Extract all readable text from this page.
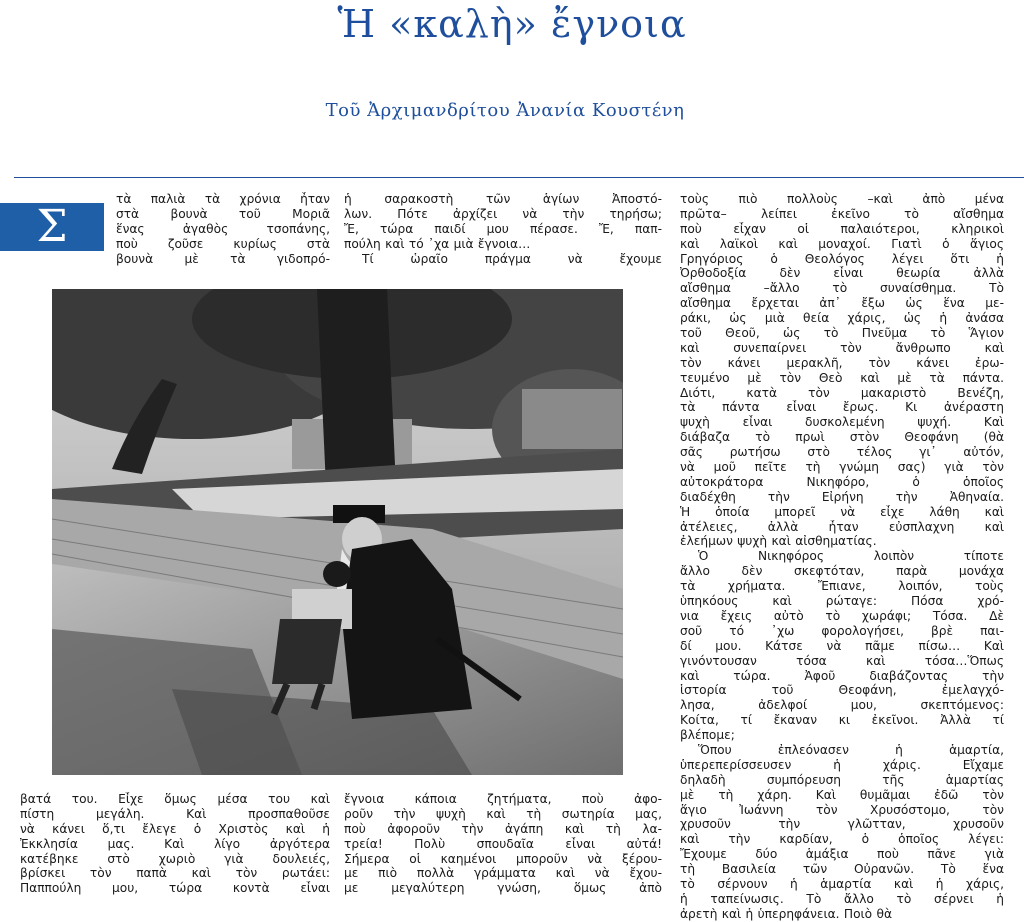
Ἡ «καλὴ» ἔγνοια
Τοῦ Ἀρχιμανδρίτου Ἀνανία Κουστένη
Σ
τὰ παλιὰ τὰ χρόνια ἦταν
στὰ βουνὰ τοῦ Μοριᾶ
ἕνας ἀγαθὸς τσοπάνης,
ποὺ ζοῦσε κυρίως στὰ
βουνὰ μὲ τὰ γιδοπρό-
ἡ σαρακοστὴ τῶν ἁγίων Ἀποστό-
λων. Πότε ἀρχίζει νὰ τὴν τηρήσω;
Ἔ, τώρα παιδί μου πέρασε. Ἔ, παπ-
πούλη καὶ τό ᾽χα μιὰ ἔγνοια…
Τί ὡραῖο πράγμα νὰ ἔχουμε
τοὺς πιὸ πολλοὺς –καὶ ἀπὸ μένα
πρῶτα– λείπει ἐκεῖνο τὸ αἴσθημα
ποὺ εἶχαν οἱ παλαιότεροι, κληρικοὶ
καὶ λαϊκοὶ καὶ μοναχοί. Γιατὶ ὁ ἅγιος
Γρηγόριος ὁ Θεολόγος λέγει ὅτι ἡ
Ὀρθοδοξία δὲν εἶναι θεωρία ἀλλὰ
αἴσθημα –ἄλλο τὸ συναίσθημα. Τὸ
αἴσθημα ἔρχεται ἀπ᾽ ἔξω ὡς ἕνα με-
ράκι, ὡς μιὰ θεία χάρις, ὡς ἡ ἀνάσα
τοῦ Θεοῦ, ὡς τὸ Πνεῦμα τὸ Ἅγιον
καὶ συνεπαίρνει τὸν ἄνθρωπο καὶ
τὸν κάνει μερακλῆ, τὸν κάνει ἐρω-
τευμένο μὲ τὸν Θεὸ καὶ μὲ τὰ πάντα.
Διότι, κατὰ τὸν μακαριστὸ Βενέζη,
τὰ πάντα εἶναι ἔρως. Κι ἀνέραστη
ψυχὴ εἶναι δυσκολεμένη ψυχή. Καὶ
διάβαζα τὸ πρωὶ στὸν Θεοφάνη (θὰ
σᾶς ρωτήσω στὸ τέλος γι᾽ αὐτόν,
νὰ μοῦ πεῖτε τὴ γνώμη σας) γιὰ τὸν
αὐτοκράτορα Νικηφόρο, ὁ ὁποῖος
διαδέχθη τὴν Εἰρήνη τὴν Ἀθηναία.
Ἡ ὁποία μπορεῖ νὰ εἶχε λάθη καὶ
ἀτέλειες, ἀλλὰ ἦταν εὐσπλαχνη καὶ
ἐλεήμων ψυχὴ καὶ αἰσθηματίας.
Ὁ Νικηφόρος λοιπὸν τίποτε
ἄλλο δὲν σκεφτόταν, παρὰ μονάχα
τὰ χρήματα. Ἔπιανε, λοιπόν, τοὺς
ὑπηκόους καὶ ρώταγε: Πόσα χρό-
νια ἔχεις αὐτὸ τὸ χωράφι; Τόσα. Δὲ
σοῦ τό ᾽χω φορολογήσει, βρὲ παι-
δί μου. Κάτσε νὰ πᾶμε πίσω… Καὶ
γινόντουσαν τόσα καὶ τόσα…Ὅπως
καὶ τώρα. Ἀφοῦ διαβάζοντας τὴν
ἱστορία τοῦ Θεοφάνη, ἐμελαγχό-
λησα, ἀδελφοί μου, σκεπτόμενος:
Κοίτα, τί ἔκαναν κι ἐκεῖνοι. Ἀλλὰ τί
βλέπομε;
Ὅπου ἐπλεόνασεν ἡ ἁμαρτία,
ὑπερεπερίσσευσεν ἡ χάρις. Εἴχαμε
δηλαδὴ συμπόρευση τῆς ἁμαρτίας
μὲ τὴ χάρη. Καὶ θυμᾶμαι ἐδῶ τὸν
ἅγιο Ἰωάννη τὸν Χρυσόστομο, τὸν
χρυσοῦν τὴν γλῶτταν, χρυσοῦν
καὶ τὴν καρδίαν, ὁ ὁποῖος λέγει:
Ἔχουμε δύο ἁμάξια ποὺ πᾶνε γιὰ
τὴ Βασιλεία τῶν Οὐρανῶν. Τὸ ἕνα
τὸ σέρνουν ἡ ἁμαρτία καὶ ἡ χάρις,
ἡ ταπείνωσις. Τὸ ἄλλο τὸ σέρνει ἡ
ἀρετὴ καὶ ἡ ὑπερηφάνεια. Ποιὸ θὰ
βατά του. Εἶχε ὅμως μέσα του καὶ
πίστη μεγάλη. Καὶ προσπαθοῦσε
νὰ κάνει ὅ,τι ἔλεγε ὁ Χριστὸς καὶ ἡ
Ἐκκλησία μας. Καὶ λίγο ἀργότερα
κατέβηκε στὸ χωριὸ γιὰ δουλειές,
βρίσκει τὸν παπὰ καὶ τὸν ρωτάει:
Παππούλη μου, τώρα κοντὰ εἶναι
ἔγνοια κάποια ζητήματα, ποὺ ἀφο-
ροῦν τὴν ψυχὴ καὶ τὴ σωτηρία μας,
ποὺ ἀφοροῦν τὴν ἀγάπη καὶ τὴ λα-
τρεία! Πολὺ σπουδαῖα εἶναι αὐτά!
Σήμερα οἱ καημένοι μποροῦν νὰ ξέρου-
με πιὸ πολλὰ γράμματα καὶ νὰ ἔχου-
με μεγαλύτερη γνώση, ὅμως ἀπὸ
